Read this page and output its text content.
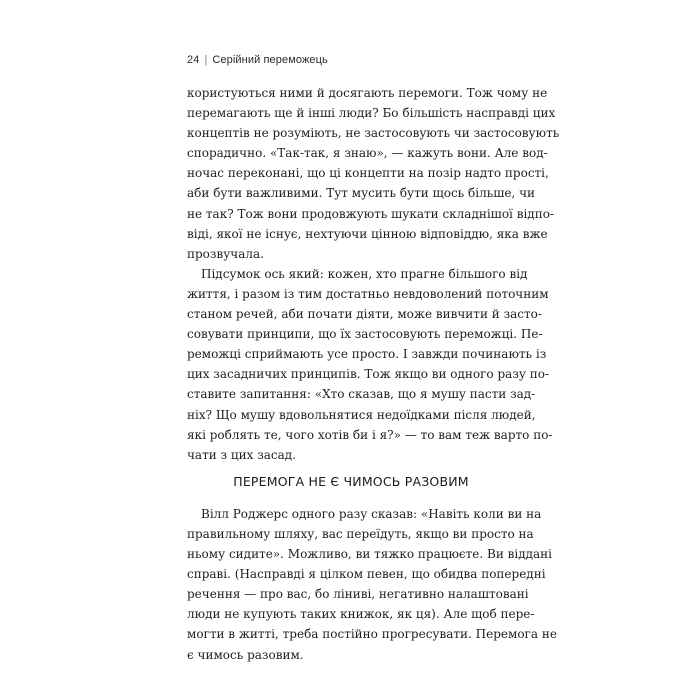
24 | Серійний переможець
користуються ними й досягають перемоги. Тож чому не
перемагають ще й інші люди? Бо більшість насправді цих
концептів не розуміють, не застосовують чи застосовують
спорадично. «Так-так, я знаю», — кажуть вони. Але вод-
ночас переконані, що ці концепти на позір надто прості,
аби бути важливими. Тут мусить бути щось більше, чи
не так? Тож вони продовжують шукати складнішої відпо-
віді, якої не існує, нехтуючи цінною відповіддю, яка вже
прозвучала.
Підсумок ось який: кожен, хто прагне більшого від
життя, і разом із тим достатньо невдоволений поточним
станом речей, аби почати діяти, може вивчити й засто-
совувати принципи, що їх застосовують переможці. Пе-
реможці сприймають усе просто. І завжди починають із
цих засадничих принципів. Тож якщо ви одного разу по-
ставите запитання: «Хто сказав, що я мушу пасти зад-
ніх? Що мушу вдовольнятися недоїдками після людей,
які роблять те, чого хотів би і я?» — то вам теж варто по-
чати з цих засад.
ПЕРЕМОГА НЕ Є ЧИМОСЬ РАЗОВИМ
Вілл Роджерс одного разу сказав: «Навіть коли ви на
правильному шляху, вас переїдуть, якщо ви просто на
ньому сидите». Можливо, ви тяжко працюєте. Ви віддані
справі. (Насправді я цілком певен, що обидва попередні
речення — про вас, бо ліниві, негативно налаштовані
люди не купують таких книжок, як ця). Але щоб пере-
могти в житті, треба постійно прогресувати. Перемога не
є чимось разовим.
